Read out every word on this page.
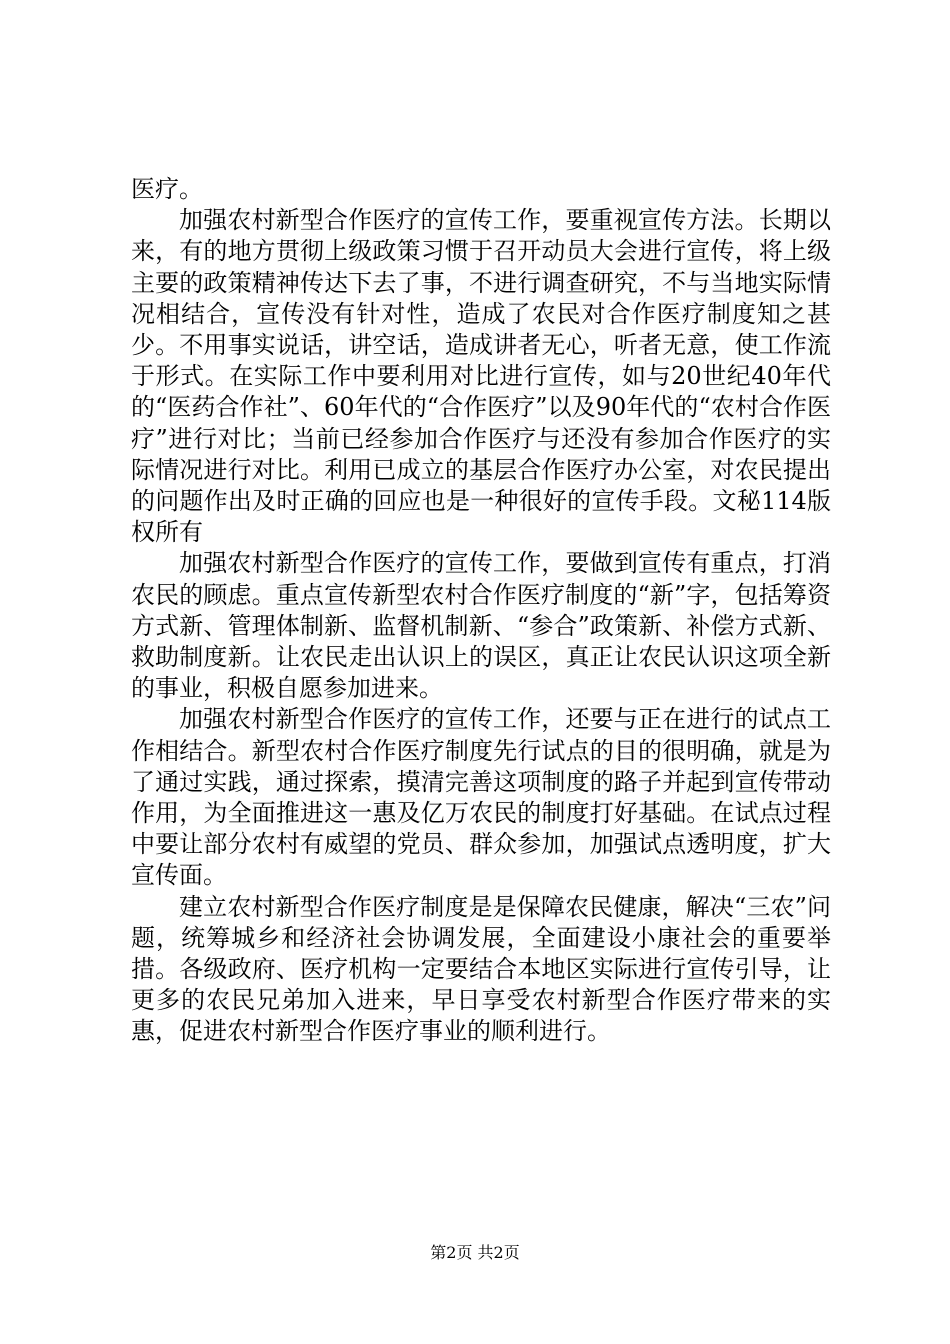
医疗。

加强农村新型合作医疗的宣传工作，要重视宣传方法。长期以来，有的地方贯彻上级政策习惯于召开动员大会进行宣传，将上级主要的政策精神传达下去了事，不进行调查研究，不与当地实际情况相结合，宣传没有针对性，造成了农民对合作医疗制度知之甚少。不用事实说话，讲空话，造成讲者无心，听者无意，使工作流于形式。在实际工作中要利用对比进行宣传，如与20世纪40年代的“医药合作社”、60年代的“合作医疗”以及90年代的“农村合作医疗”进行对比；当前已经参加合作医疗与还没有参加合作医疗的实际情况进行对比。利用已成立的基层合作医疗办公室，对农民提出的问题作出及时正确的回应也是一种很好的宣传手段。文秘114版权所有

加强农村新型合作医疗的宣传工作，要做到宣传有重点，打消农民的顾虑。重点宣传新型农村合作医疗制度的“新”字，包括筹资方式新、管理体制新、监督机制新、“参合”政策新、补偿方式新、救助制度新。让农民走出认识上的误区，真正让农民认识这项全新的事业，积极自愿参加进来。

加强农村新型合作医疗的宣传工作，还要与正在进行的试点工作相结合。新型农村合作医疗制度先行试点的目的很明确，就是为了通过实践，通过探索，摸清完善这项制度的路子并起到宣传带动作用，为全面推进这一惠及亿万农民的制度打好基础。在试点过程中要让部分农村有威望的党员、群众参加，加强试点透明度，扩大宣传面。

建立农村新型合作医疗制度是是保障农民健康，解决“三农”问题，统筹城乡和经济社会协调发展，全面建设小康社会的重要举措。各级政府、医疗机构一定要结合本地区实际进行宣传引导，让更多的农民兄弟加入进来，早日享受农村新型合作医疗带来的实惠，促进农村新型合作医疗事业的顺利进行。

第2页 共2页
